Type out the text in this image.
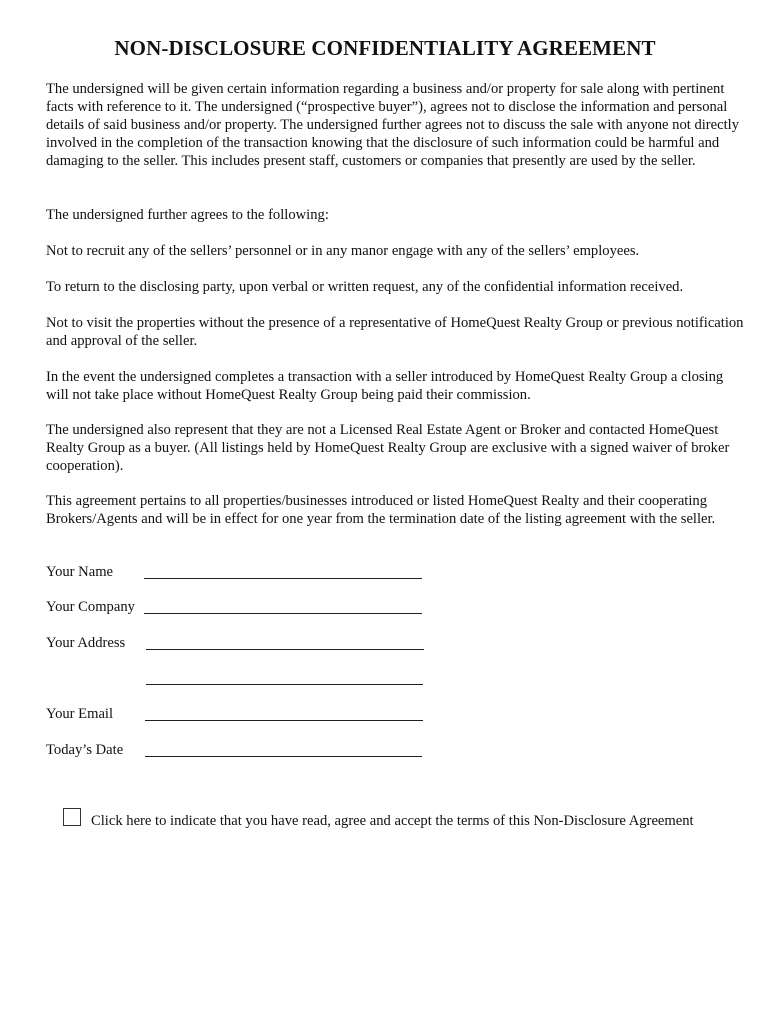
NON-DISCLOSURE CONFIDENTIALITY AGREEMENT

The undersigned will be given certain information regarding a business and/or property for sale along with pertinent facts with reference to it. The undersigned (“prospective buyer”), agrees not to disclose the information and personal details of said business and/or property. The undersigned further agrees not to discuss the sale with anyone not directly involved in the completion of the transaction knowing that the disclosure of such information could be harmful and damaging to the seller. This includes present staff, customers or companies that presently are used by the seller.

The undersigned further agrees to the following:

Not to recruit any of the sellers’ personnel or in any manor engage with any of the sellers’ employees.

To return to the disclosing party, upon verbal or written request, any of the confidential information received.

Not to visit the properties without the presence of a representative of HomeQuest Realty Group or previous notification and approval of the seller.

In the event the undersigned completes a transaction with a seller introduced by HomeQuest Realty Group a closing will not take place without HomeQuest Realty Group being paid their commission.

The undersigned also represent that they are not a Licensed Real Estate Agent or Broker and contacted HomeQuest Realty Group as a buyer. (All listings held by HomeQuest Realty Group are exclusive with a signed waiver of broker cooperation).

This agreement pertains to all properties/businesses introduced or listed HomeQuest Realty and their cooperating Brokers/Agents and will be in effect for one year from the termination date of the listing agreement with the seller.

Your Name
Your Company
Your Address
Your Email
Today’s Date
Click here to indicate that you have read, agree and accept the terms of this Non-Disclosure Agreement
